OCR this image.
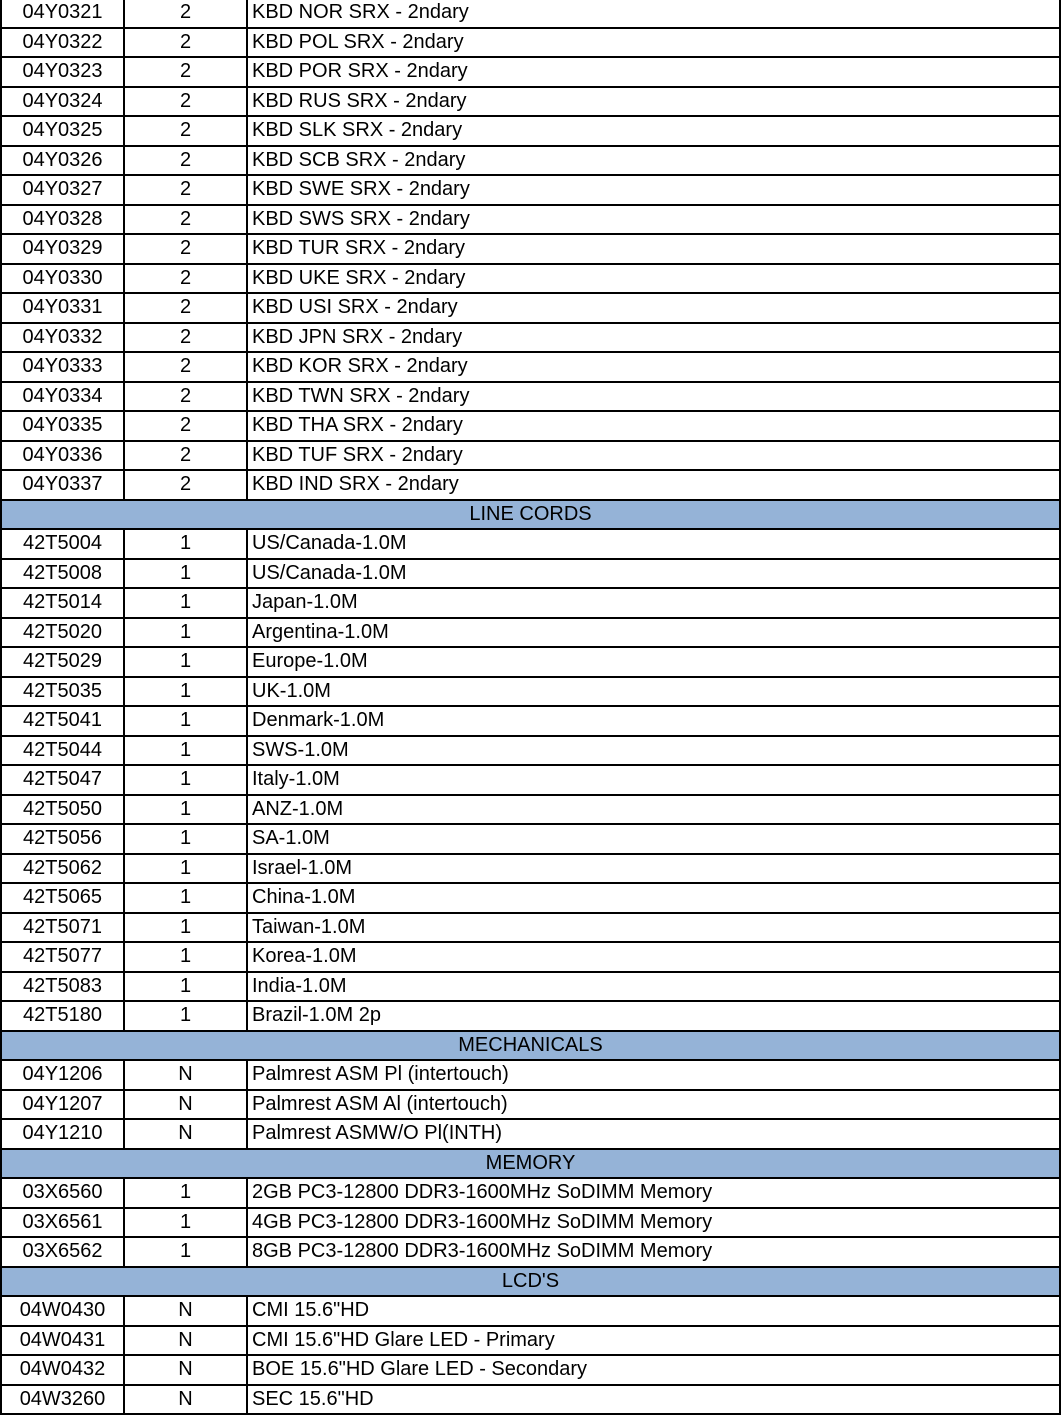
04Y0321	2	KBD NOR SRX - 2ndary
04Y0322	2	KBD POL SRX - 2ndary
04Y0323	2	KBD POR SRX - 2ndary
04Y0324	2	KBD RUS SRX - 2ndary
04Y0325	2	KBD SLK SRX - 2ndary
04Y0326	2	KBD SCB SRX - 2ndary
04Y0327	2	KBD SWE SRX - 2ndary
04Y0328	2	KBD SWS SRX - 2ndary
04Y0329	2	KBD TUR SRX - 2ndary
04Y0330	2	KBD UKE SRX - 2ndary
04Y0331	2	KBD USI SRX - 2ndary
04Y0332	2	KBD JPN SRX - 2ndary
04Y0333	2	KBD KOR SRX - 2ndary
04Y0334	2	KBD TWN SRX - 2ndary
04Y0335	2	KBD THA SRX - 2ndary
04Y0336	2	KBD TUF SRX - 2ndary
04Y0337	2	KBD IND SRX - 2ndary
LINE CORDS
42T5004	1	US/Canada-1.0M
42T5008	1	US/Canada-1.0M
42T5014	1	Japan-1.0M
42T5020	1	Argentina-1.0M
42T5029	1	Europe-1.0M
42T5035	1	UK-1.0M
42T5041	1	Denmark-1.0M
42T5044	1	SWS-1.0M
42T5047	1	Italy-1.0M
42T5050	1	ANZ-1.0M
42T5056	1	SA-1.0M
42T5062	1	Israel-1.0M
42T5065	1	China-1.0M
42T5071	1	Taiwan-1.0M
42T5077	1	Korea-1.0M
42T5083	1	India-1.0M
42T5180	1	Brazil-1.0M 2p
MECHANICALS
04Y1206	N	Palmrest ASM Pl (intertouch)
04Y1207	N	Palmrest ASM Al (intertouch)
04Y1210	N	Palmrest ASMW/O Pl(INTH)
MEMORY
03X6560	1	2GB PC3-12800 DDR3-1600MHz SoDIMM Memory
03X6561	1	4GB PC3-12800 DDR3-1600MHz SoDIMM Memory
03X6562	1	8GB PC3-12800 DDR3-1600MHz SoDIMM Memory
LCD'S
04W0430	N	CMI 15.6"HD
04W0431	N	CMI 15.6"HD Glare LED - Primary
04W0432	N	BOE 15.6"HD Glare LED - Secondary
04W3260	N	SEC 15.6"HD
